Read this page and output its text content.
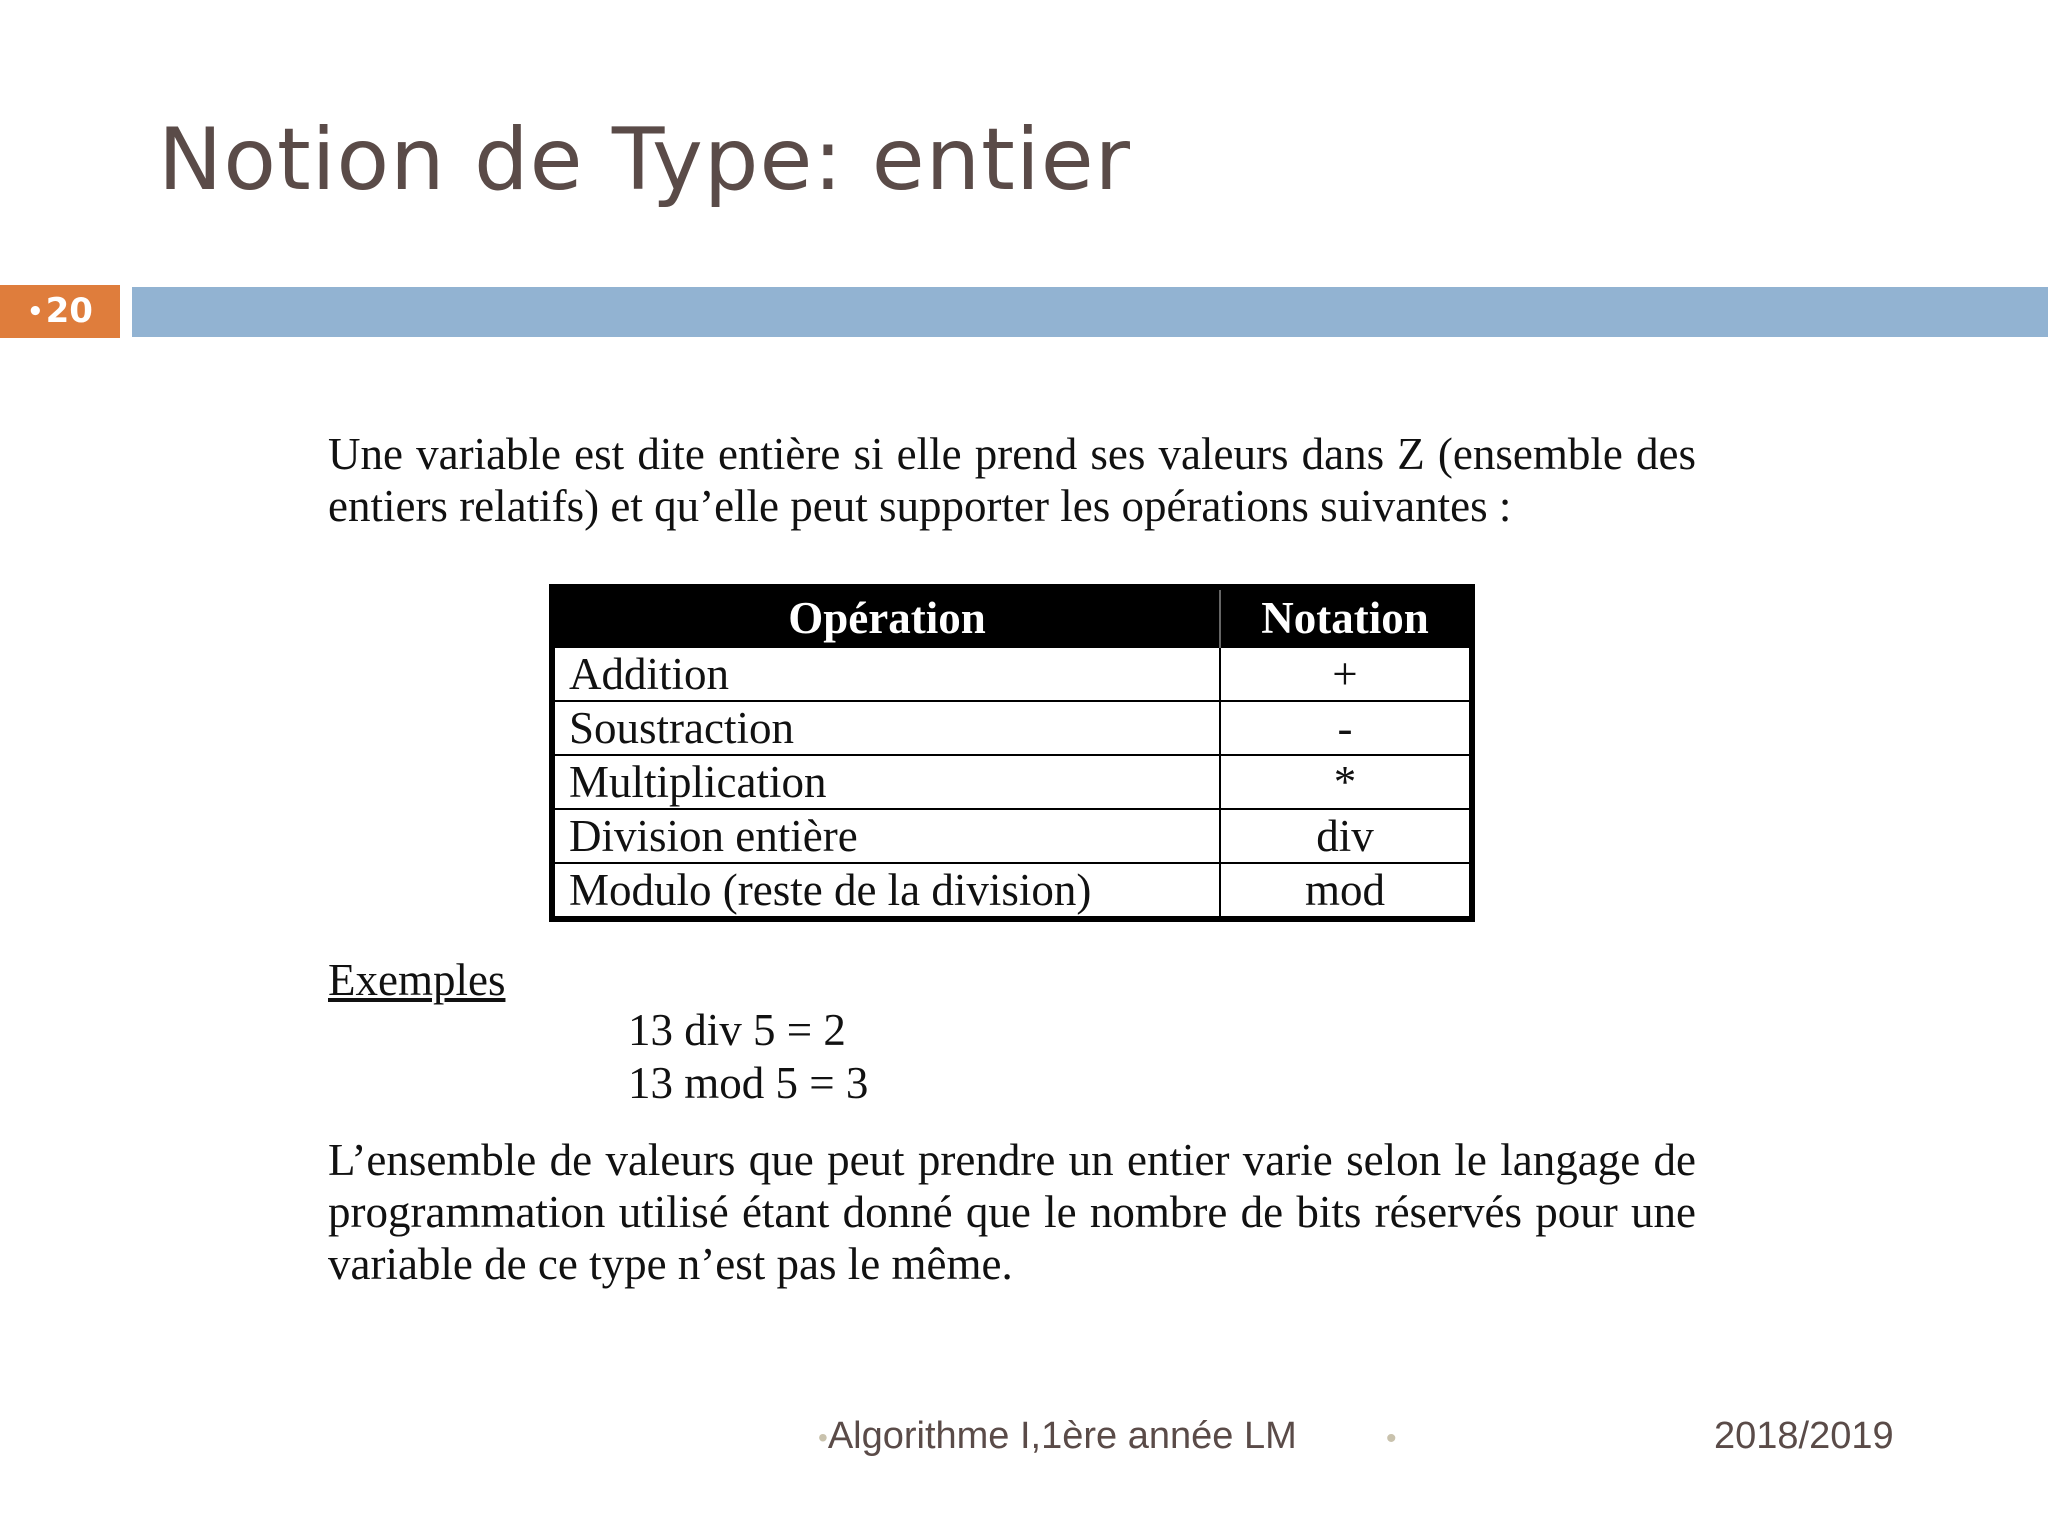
Notion de Type: entier
•20
Une variable est dite entière si elle prend ses valeurs dans Z (ensemble des entiers relatifs) et qu’elle peut supporter les opérations suivantes :
Opération	Notation
Addition	+
Soustraction	-
Multiplication	*
Division entière	div
Modulo (reste de la division)	mod
Exemples
13 div 5 = 2
13 mod 5 = 3
L’ensemble de valeurs que peut prendre un entier varie selon le langage de programmation utilisé étant donné que le nombre de bits réservés pour une variable de ce type n’est pas le même.
•Algorithme I,1ère année LM	•	2018/2019
